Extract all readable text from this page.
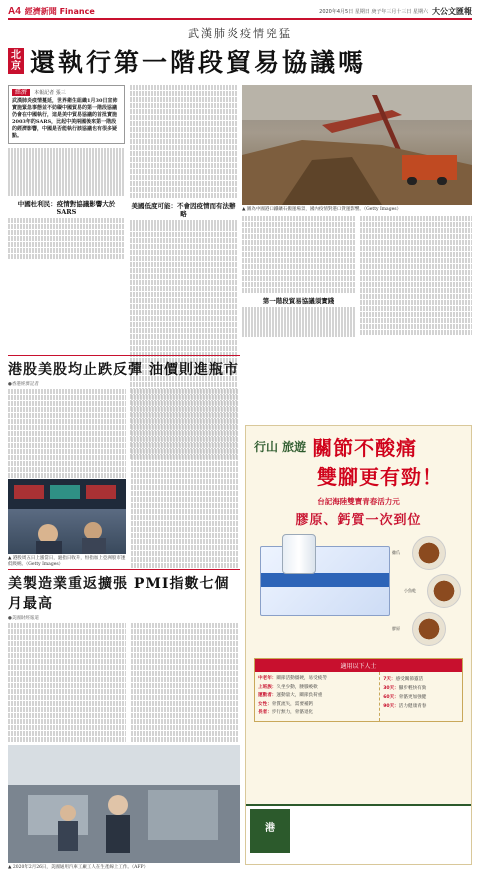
A4 經濟新聞 Finance	2020年4月5日 星期日 庚子年三月十三日 星期六 大公文匯報
武漢肺炎疫情兇猛
北京 還執行第一階段貿易協議嗎
經濟 本報記者 張三
武漢肺炎疫情蔓延，世界衛生組織1月30日宣佈實施緊急事態並不妨礙中國貿易的第一階段協議仍會在中國執行，這是美中貿易協議的首批實施2003年的SARS，比起中美兩國後來第一階段的經濟影響，中國是否能執行該協議也有很多疑點。
中國杜利民：疫情對協議影響大於SARS
美國低度可能：不會因疫情而有法辦略
▲ 圖為中國港口鐵礦石搬運場景，國內疫情對港口貨運影響。（Getty Images）
第一階段貿易協議須實踐
港股美股均止跌反彈 油價則進瓶市
●香港經濟記者
▲ 港股周五日上漲當日，滬指日收升，恒指加上亞洲股市逢低吸納。（Getty Images）
美製造業重返擴張 PMI指數七個月最高
●美國財經報道
▲ 2020年2月26日，美國通用汽車工廠工人在生產線上工作。（AFP）
行山 旅遊 關節不酸痛
雙腳更有勁！
台記海陸雙寶青春活力元
膠原、鈣質一次到位
雞爪
小魚乾
膠原
適用以下人士
中老年：關節活動僵硬，易受疲勞
上班族：久坐少動，腰膝痠軟
運動者：運動量大，關節負荷重
女性：骨質流失，需要補鈣
長者：步行無力，骨骼退化
7天：感受關節靈活
30天：腳步輕快有勁
60天：骨骼更加強健
90天：活力健康青春
港
